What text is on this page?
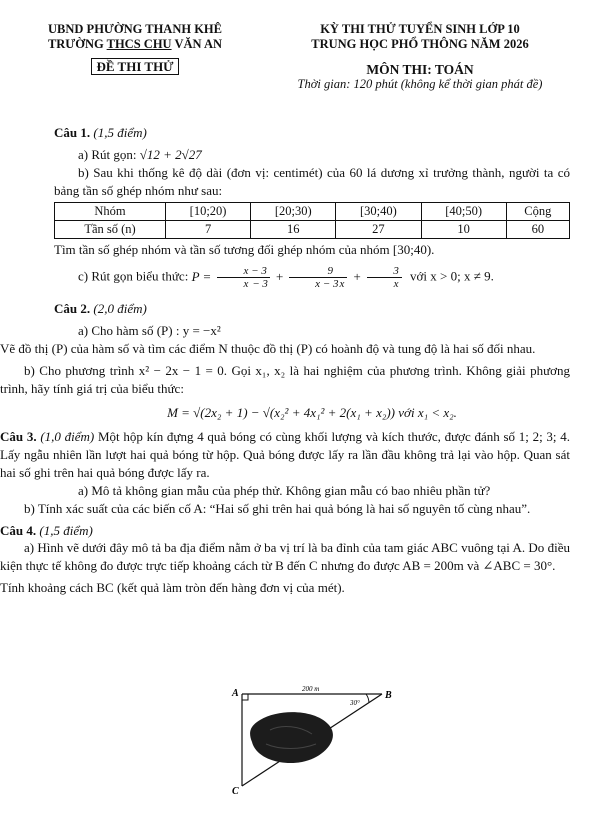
UBND PHƯỜNG THANH KHÊ
TRƯỜNG THCS CHU VĂN AN
ĐỀ THI THỬ
KỲ THI THỬ TUYỂN SINH LỚP 10
TRUNG HỌC PHỔ THÔNG NĂM 2026
MÔN THI: TOÁN
Thời gian: 120 phút (không kể thời gian phát đề)
Câu 1. (1,5 điểm)

a) Rút gọn: √12 + 2√27

b) Sau khi thống kê độ dài (đơn vị: centimét) của 60 lá dương xỉ trưởng thành, người ta có bảng tần số ghép nhóm như sau:

Nhóm	[10;20)	[20;30)	[30;40)	[40;50)	Cộng
Tần số (n)	7	16	27	10	60

Tìm tần số ghép nhóm và tần số tương đối ghép nhóm của nhóm [30;40).

c) Rút gọn biểu thức: $P = \frac{x - 3}{x - 3} + \frac{9}{x - 3x} + \frac{3}{x}$ với x > 0; x ≠ 9.

Câu 2. (2,0 điểm)

a) Cho hàm số (P) : y = −x²

Vẽ đồ thị (P) của hàm số và tìm các điểm N thuộc đồ thị (P) có hoành độ và tung độ là hai số đối nhau.

b) Cho phương trình x² − 2x − 1 = 0. Gọi x₁, x₂ là hai nghiệm của phương trình. Không giải phương trình, hãy tính giá trị của biểu thức:

M = √(2x₂ + 1) − √(x₂² + 4x₁² + 2(x₁ + x₂)) với x₁ < x₂.

Câu 3. (1,0 điểm) Một hộp kín đựng 4 quả bóng có cùng khối lượng và kích thước, được đánh số 1; 2; 3; 4. Lấy ngẫu nhiên lần lượt hai quả bóng từ hộp. Quả bóng được lấy ra lần đầu không trả lại vào hộp. Quan sát hai số ghi trên hai quả bóng được lấy ra.

a) Mô tả không gian mẫu của phép thử. Không gian mẫu có bao nhiêu phần tử?

b) Tính xác suất của các biến cố A: “Hai số ghi trên hai quả bóng là hai số nguyên tố cùng nhau”.

Câu 4. (1,5 điểm)

a) Hình vẽ dưới đây mô tả ba địa điểm nằm ở ba vị trí là ba đỉnh của tam giác ABC vuông tại A. Do điều kiện thực tế không đo được trực tiếp khoảng cách từ B đến C nhưng đo được AB = 200m và ∠ABC = 30°.

Tính khoảng cách BC (kết quả làm tròn đến hàng đơn vị của mét).

A	B
C
200 m
30°
